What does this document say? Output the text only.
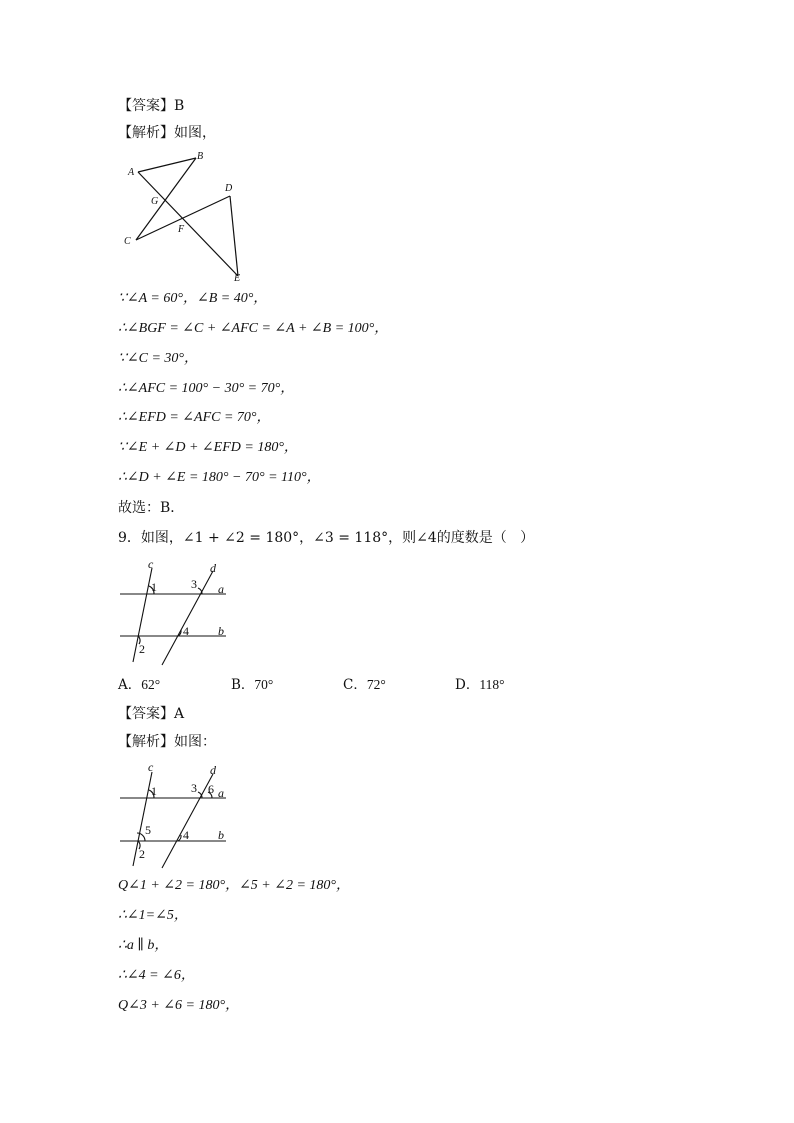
【答案】B
【解析】如图，
A
B
C
D
E
F
G
∵∠A = 60°，∠B = 40°，
∴∠BGF = ∠C + ∠AFC = ∠A + ∠B = 100°，
∵∠C = 30°，
∴∠AFC = 100° − 30° = 70°，
∴∠EFD = ∠AFC = 70°，
∵∠E + ∠D + ∠EFD = 180°，
∴∠D + ∠E = 180° − 70° = 110°，
故选：B．
9．如图，∠1 + ∠2 = 180°，∠3 = 118°，则∠4的度数是（   ）
c	d
a
b
1
2
3
4
A．62°	B．70°	C．72°	D．118°
【答案】A
【解析】如图：
c	d
a
b
1
2
3
4
5
6
Q∠1 + ∠2 = 180°，∠5 + ∠2 = 180°，
∴∠1=∠5，
∴a ∥ b，
∴∠4 = ∠6，
Q∠3 + ∠6 = 180°，
